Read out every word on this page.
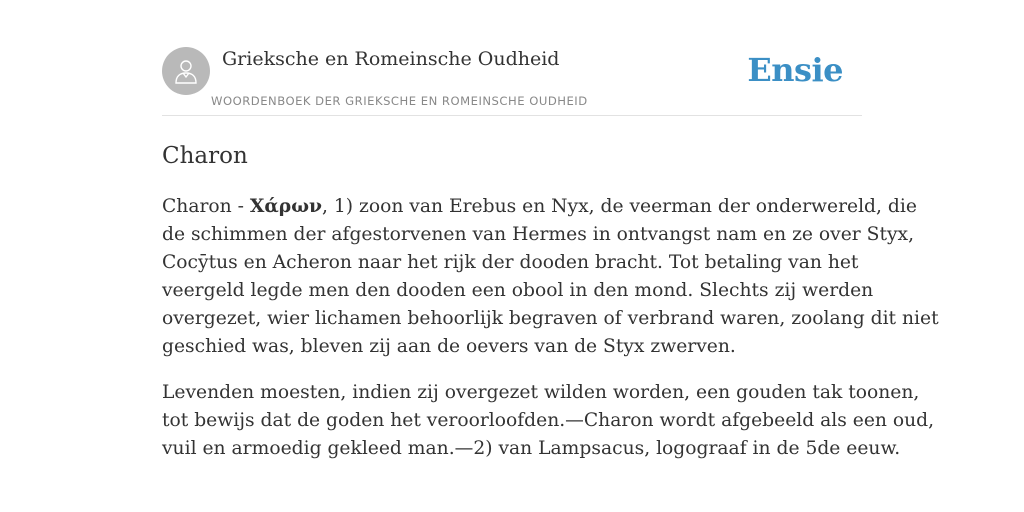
Grieksche en Romeinsche Oudheid
WOORDENBOEK DER GRIEKSCHE EN ROMEINSCHE OUDHEID
Ensie
Charon
Charon - Χάρων, 1) zoon van Erebus en Nyx, de veerman der onderwereld, die
de schimmen der afgestorvenen van Hermes in ontvangst nam en ze over Styx,
Cocȳtus en Acheron naar het rijk der dooden bracht. Tot betaling van het
veergeld legde men den dooden een obool in den mond. Slechts zij werden
overgezet, wier lichamen behoorlijk begraven of verbrand waren, zoolang dit niet
geschied was, bleven zij aan de oevers van de Styx zwerven.
Levenden moesten, indien zij overgezet wilden worden, een gouden tak toonen,
tot bewijs dat de goden het veroorloofden.—Charon wordt afgebeeld als een oud,
vuil en armoedig gekleed man.—2) van Lampsacus, logograaf in de 5de eeuw.
